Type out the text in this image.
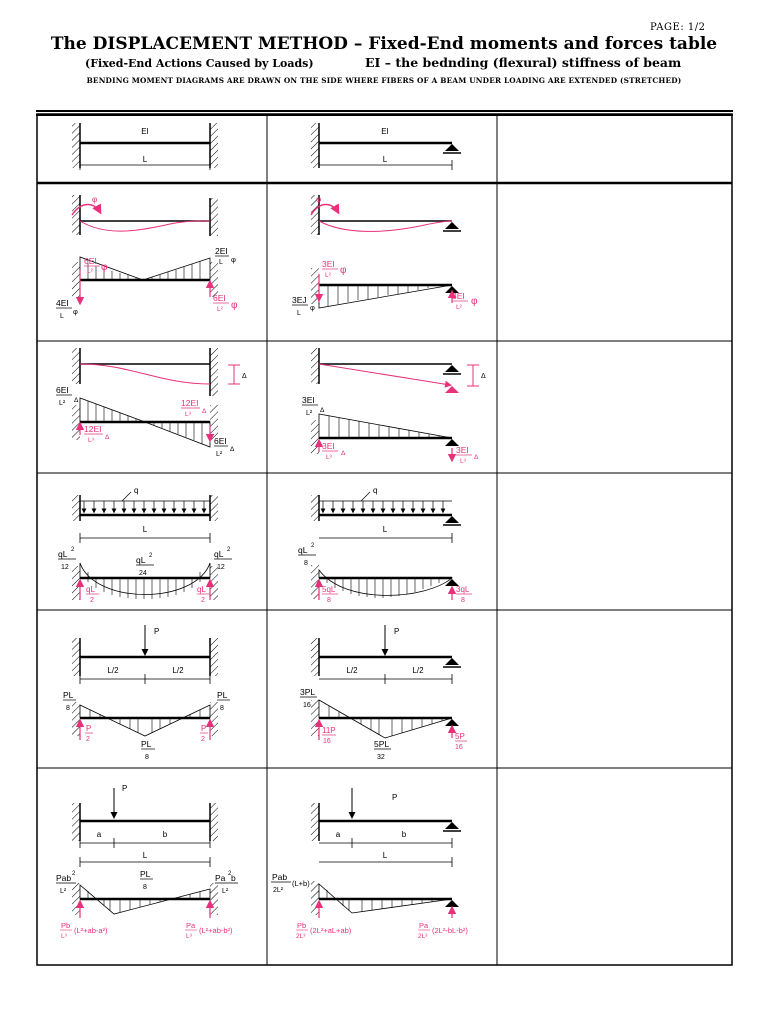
PAGE: 1/2
The DISPLACEMENT METHOD – Fixed-End moments and forces table
(Fixed-End Actions Caused by Loads)	EI – the bednding (flexural) stiffness of beam
BENDING MOMENT DIAGRAMS ARE DRAWN ON THE SIDE WHERE FIBERS OF A BEAM UNDER LOADING ARE EXTENDED (STRETCHED)
EI
L
EI
L
φ
6EI
L² φ
2EI
L φ
4EI
L
φ
6EI
L² φ
φ
3EI
L² φ
3EJ
L
φ
3EI
L²
φ
Δ
6EI
L² Δ	12EI
L³ Δ
12EI
L³ Δ	6EI
L²
Δ
Δ
3EI
L² Δ
3EI
L³
Δ	3EI
L³
Δ
q
L
qL 2
12
qL 2
24
qL 2
12
qL
2
qL
2
q
L
qL 2
8
5qL
8
3qL
8
P
L/2	L/2
PL
8
PL
8
P
2
P
2
PL
8
P
L/2	L/2
3PL
16
11P
16	5PL
32
5P
16
P
a	b
L
Pab 2
L²
PL
8
Pa 2 b
L²
Pb
L³
(L²+ab-a²)
Pa
L³
(L²+ab-b²)
P
a	b
L
Pab
2L²
(L+b)
Pb
2L³
(2L²+aL+ab)
Pa
2L³
(2L²-bL-b²)
